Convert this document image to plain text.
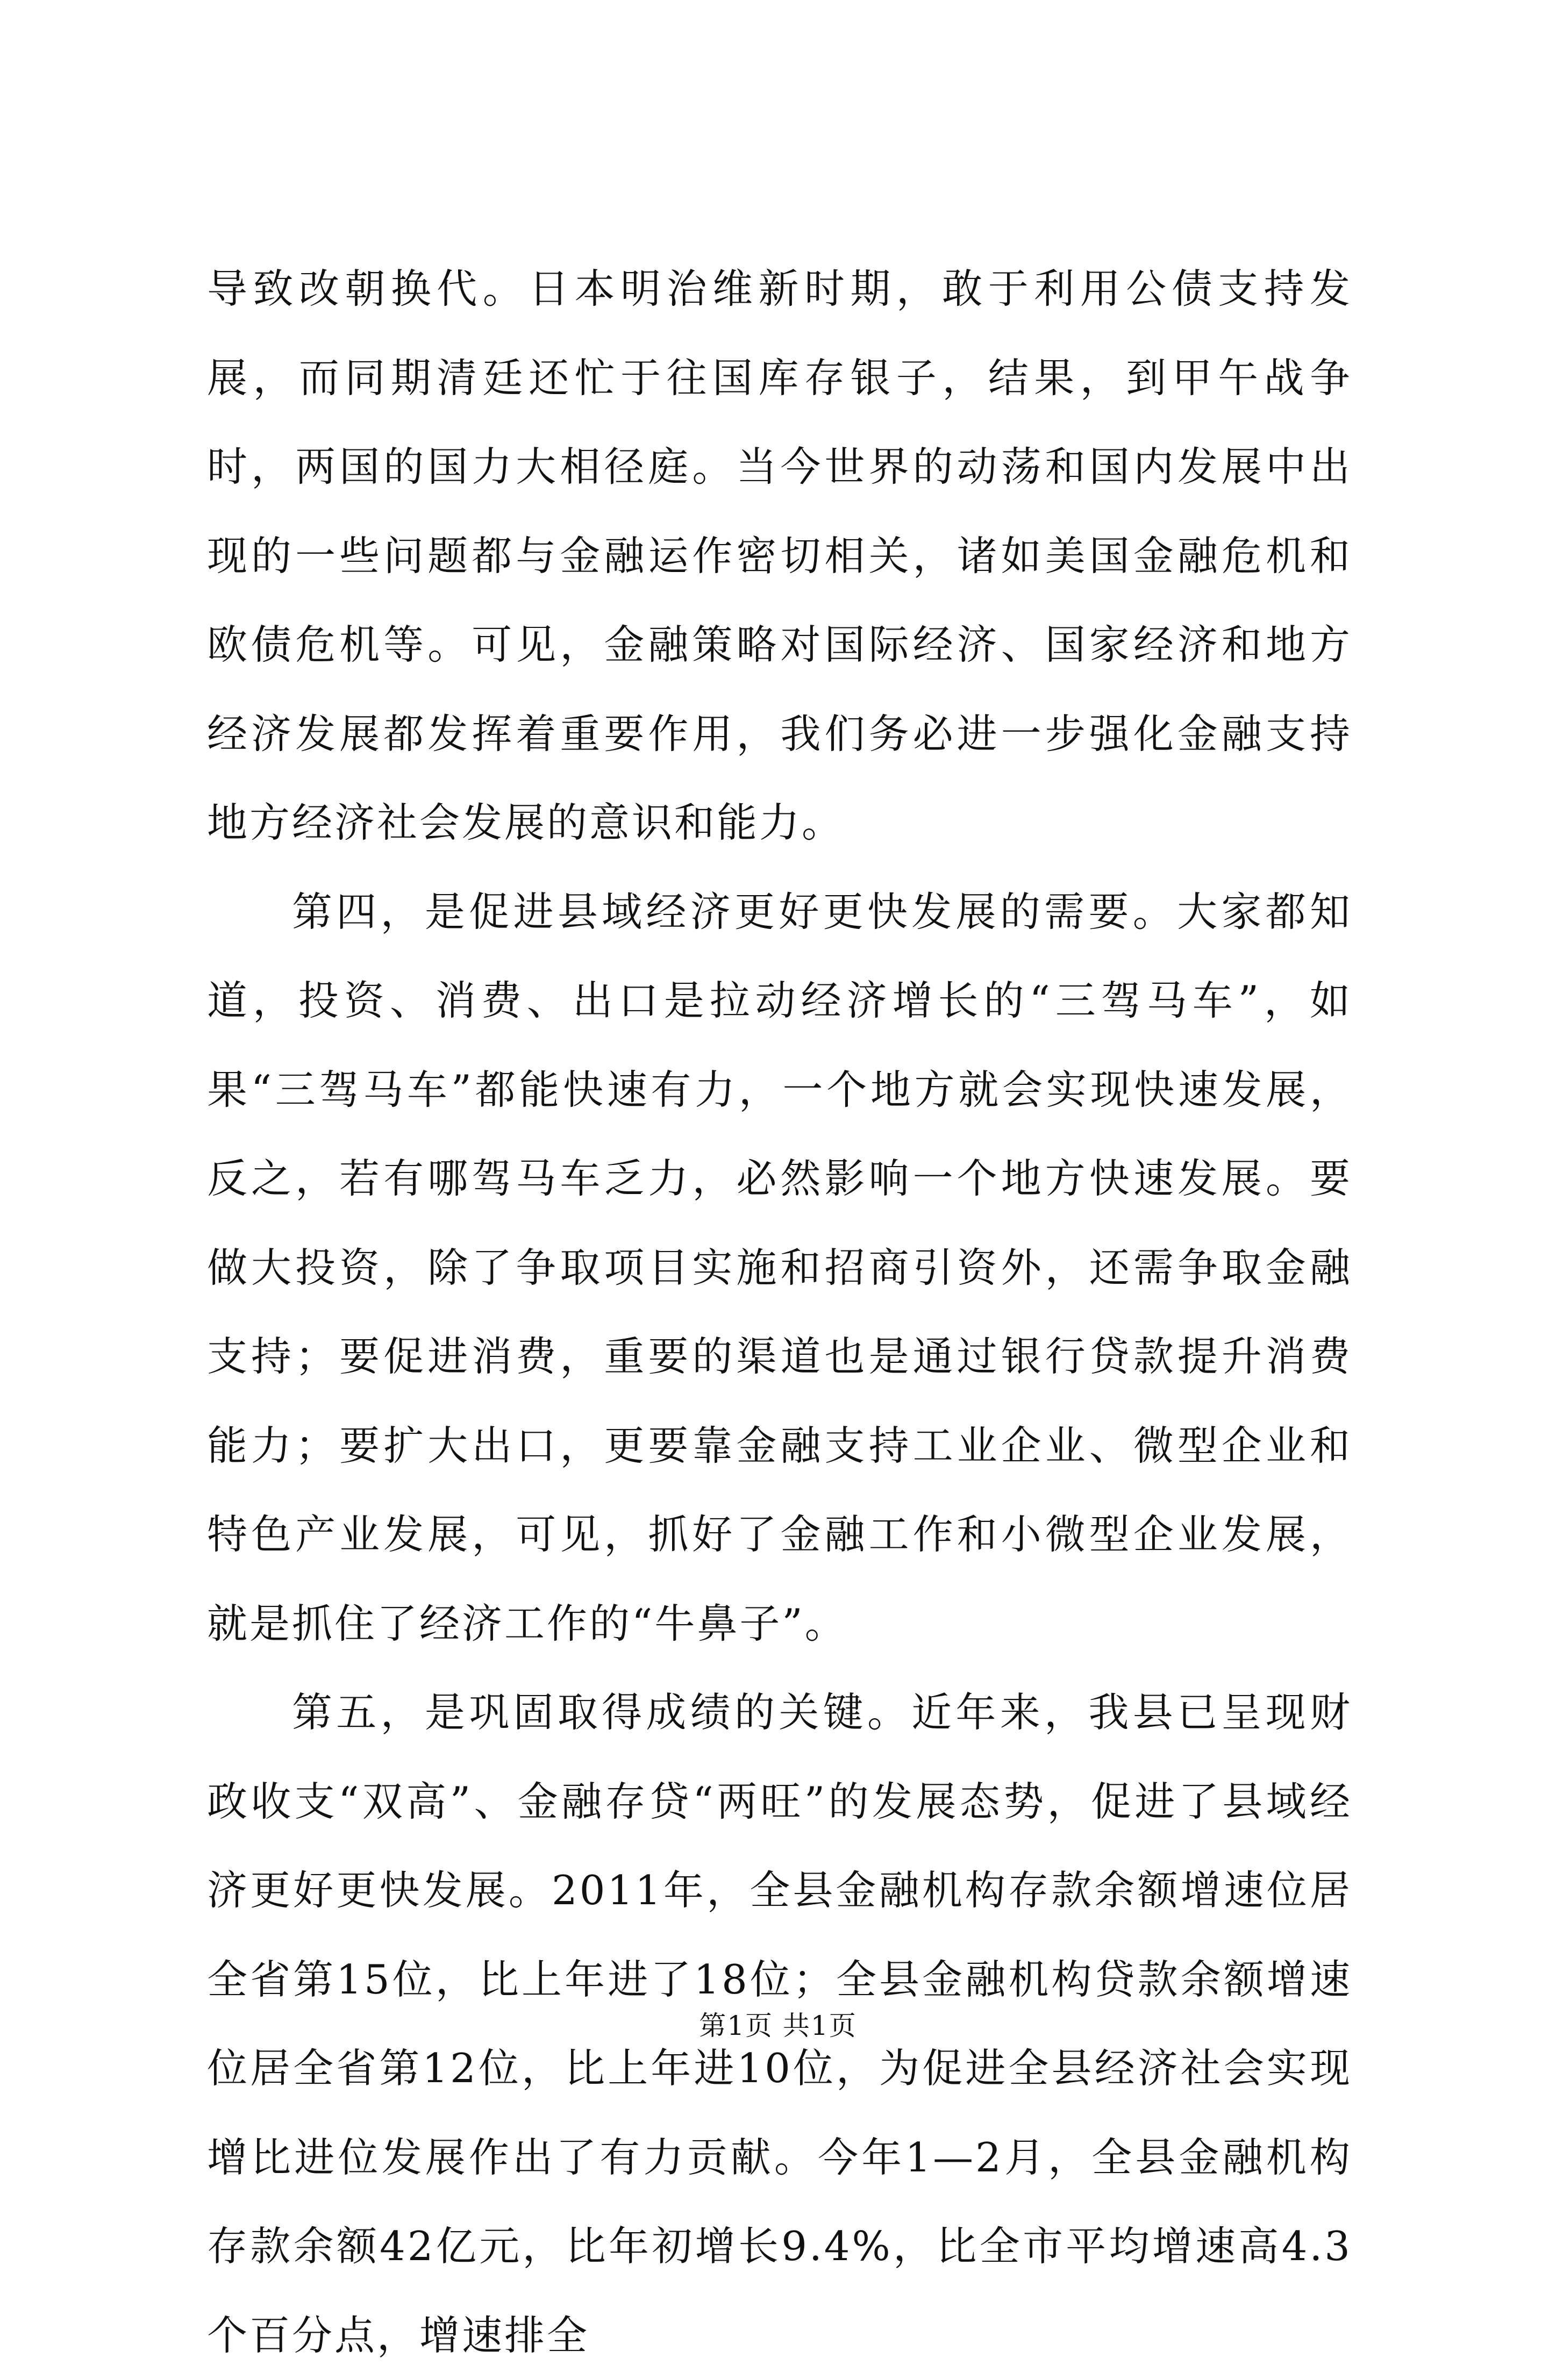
导致改朝换代。日本明治维新时期，敢于利用公债支持发展，而同期清廷还忙于往国库存银子，结果，到甲午战争时，两国的国力大相径庭。当今世界的动荡和国内发展中出现的一些问题都与金融运作密切相关，诸如美国金融危机和欧债危机等。可见，金融策略对国际经济、国家经济和地方经济发展都发挥着重要作用，我们务必进一步强化金融支持地方经济社会发展的意识和能力。

第四，是促进县域经济更好更快发展的需要。大家都知道，投资、消费、出口是拉动经济增长的“三驾马车”，如果“三驾马车”都能快速有力，一个地方就会实现快速发展，反之，若有哪驾马车乏力，必然影响一个地方快速发展。要做大投资，除了争取项目实施和招商引资外，还需争取金融支持；要促进消费，重要的渠道也是通过银行贷款提升消费能力；要扩大出口，更要靠金融支持工业企业、微型企业和特色产业发展，可见，抓好了金融工作和小微型企业发展，就是抓住了经济工作的“牛鼻子”。

第五，是巩固取得成绩的关键。近年来，我县已呈现财政收支“双高”、金融存贷“两旺”的发展态势，促进了县域经济更好更快发展。2011年，全县金融机构存款余额增速位居全省第15位，比上年进了18位；全县金融机构贷款余额增速位居全省第12位，比上年进10位，为促进全县经济社会实现增比进位发展作出了有力贡献。今年1—2月，全县金融机构存款余额42亿元，比年初增长9.4%，比全市平均增速高4.3个百分点，增速排全

第1页 共1页
